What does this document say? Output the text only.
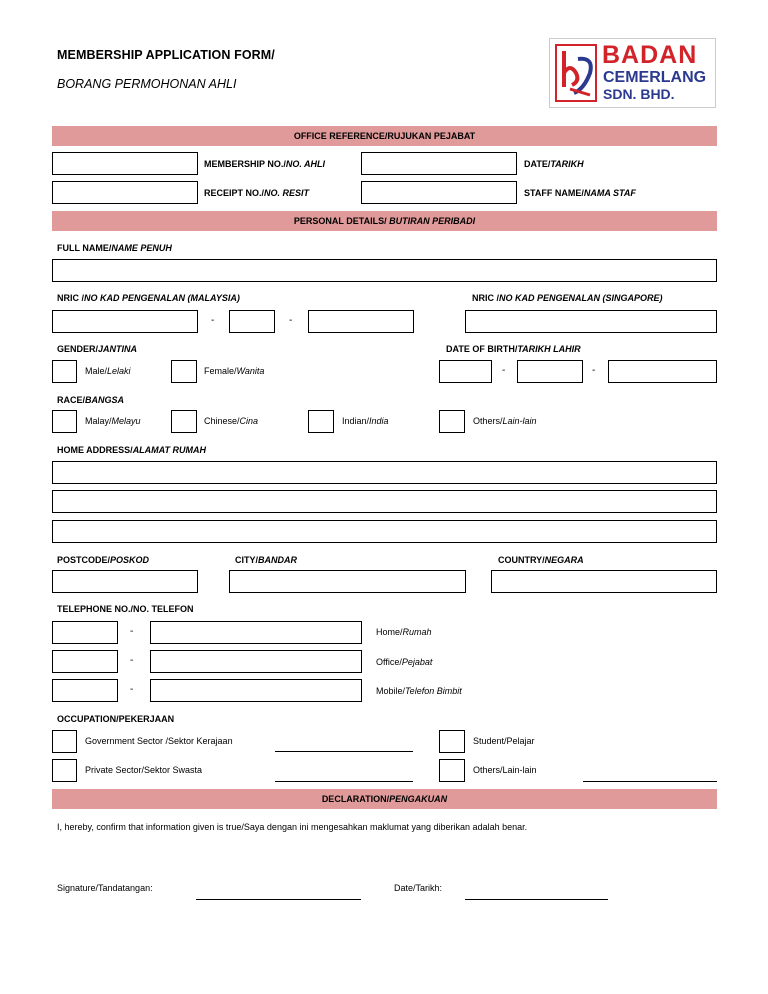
MEMBERSHIP APPLICATION FORM/
BORANG PERMOHONAN AHLI
BADAN
CEMERLANG
SDN. BHD.
OFFICE REFERENCE/RUJUKAN PEJABAT
MEMBERSHIP NO./NO. AHLI	DATE/TARIKH
RECEIPT NO./NO. RESIT	STAFF NAME/NAMA STAF
PERSONAL DETAILS/ BUTIRAN PERIBADI
FULL NAME/NAME PENUH
NRIC /NO KAD PENGENALAN (MALAYSIA)	NRIC /NO KAD PENGENALAN (SINGAPORE)
-	-
GENDER/JANTINA	DATE OF BIRTH/TARIKH LAHIR
Male/Lelaki	Female/Wanita	-	-
RACE/BANGSA
Malay/Melayu	Chinese/Cina	Indian/India	Others/Lain-lain
HOME ADDRESS/ALAMAT RUMAH
POSTCODE/POSKOD	CITY/BANDAR	COUNTRY/NEGARA
TELEPHONE NO./NO. TELEFON
-	Home/Rumah
-	Office/Pejabat
-	Mobile/Telefon Bimbit
OCCUPATION/PEKERJAAN
Government Sector /Sektor Kerajaan	Student/Pelajar
Private Sector/Sektor Swasta	Others/Lain-lain
DECLARATION/ PENGAKUAN
I, hereby, confirm that information given is true/Saya dengan ini mengesahkan maklumat yang diberikan adalah benar.
Signature/Tandatangan:	Date/Tarikh:
